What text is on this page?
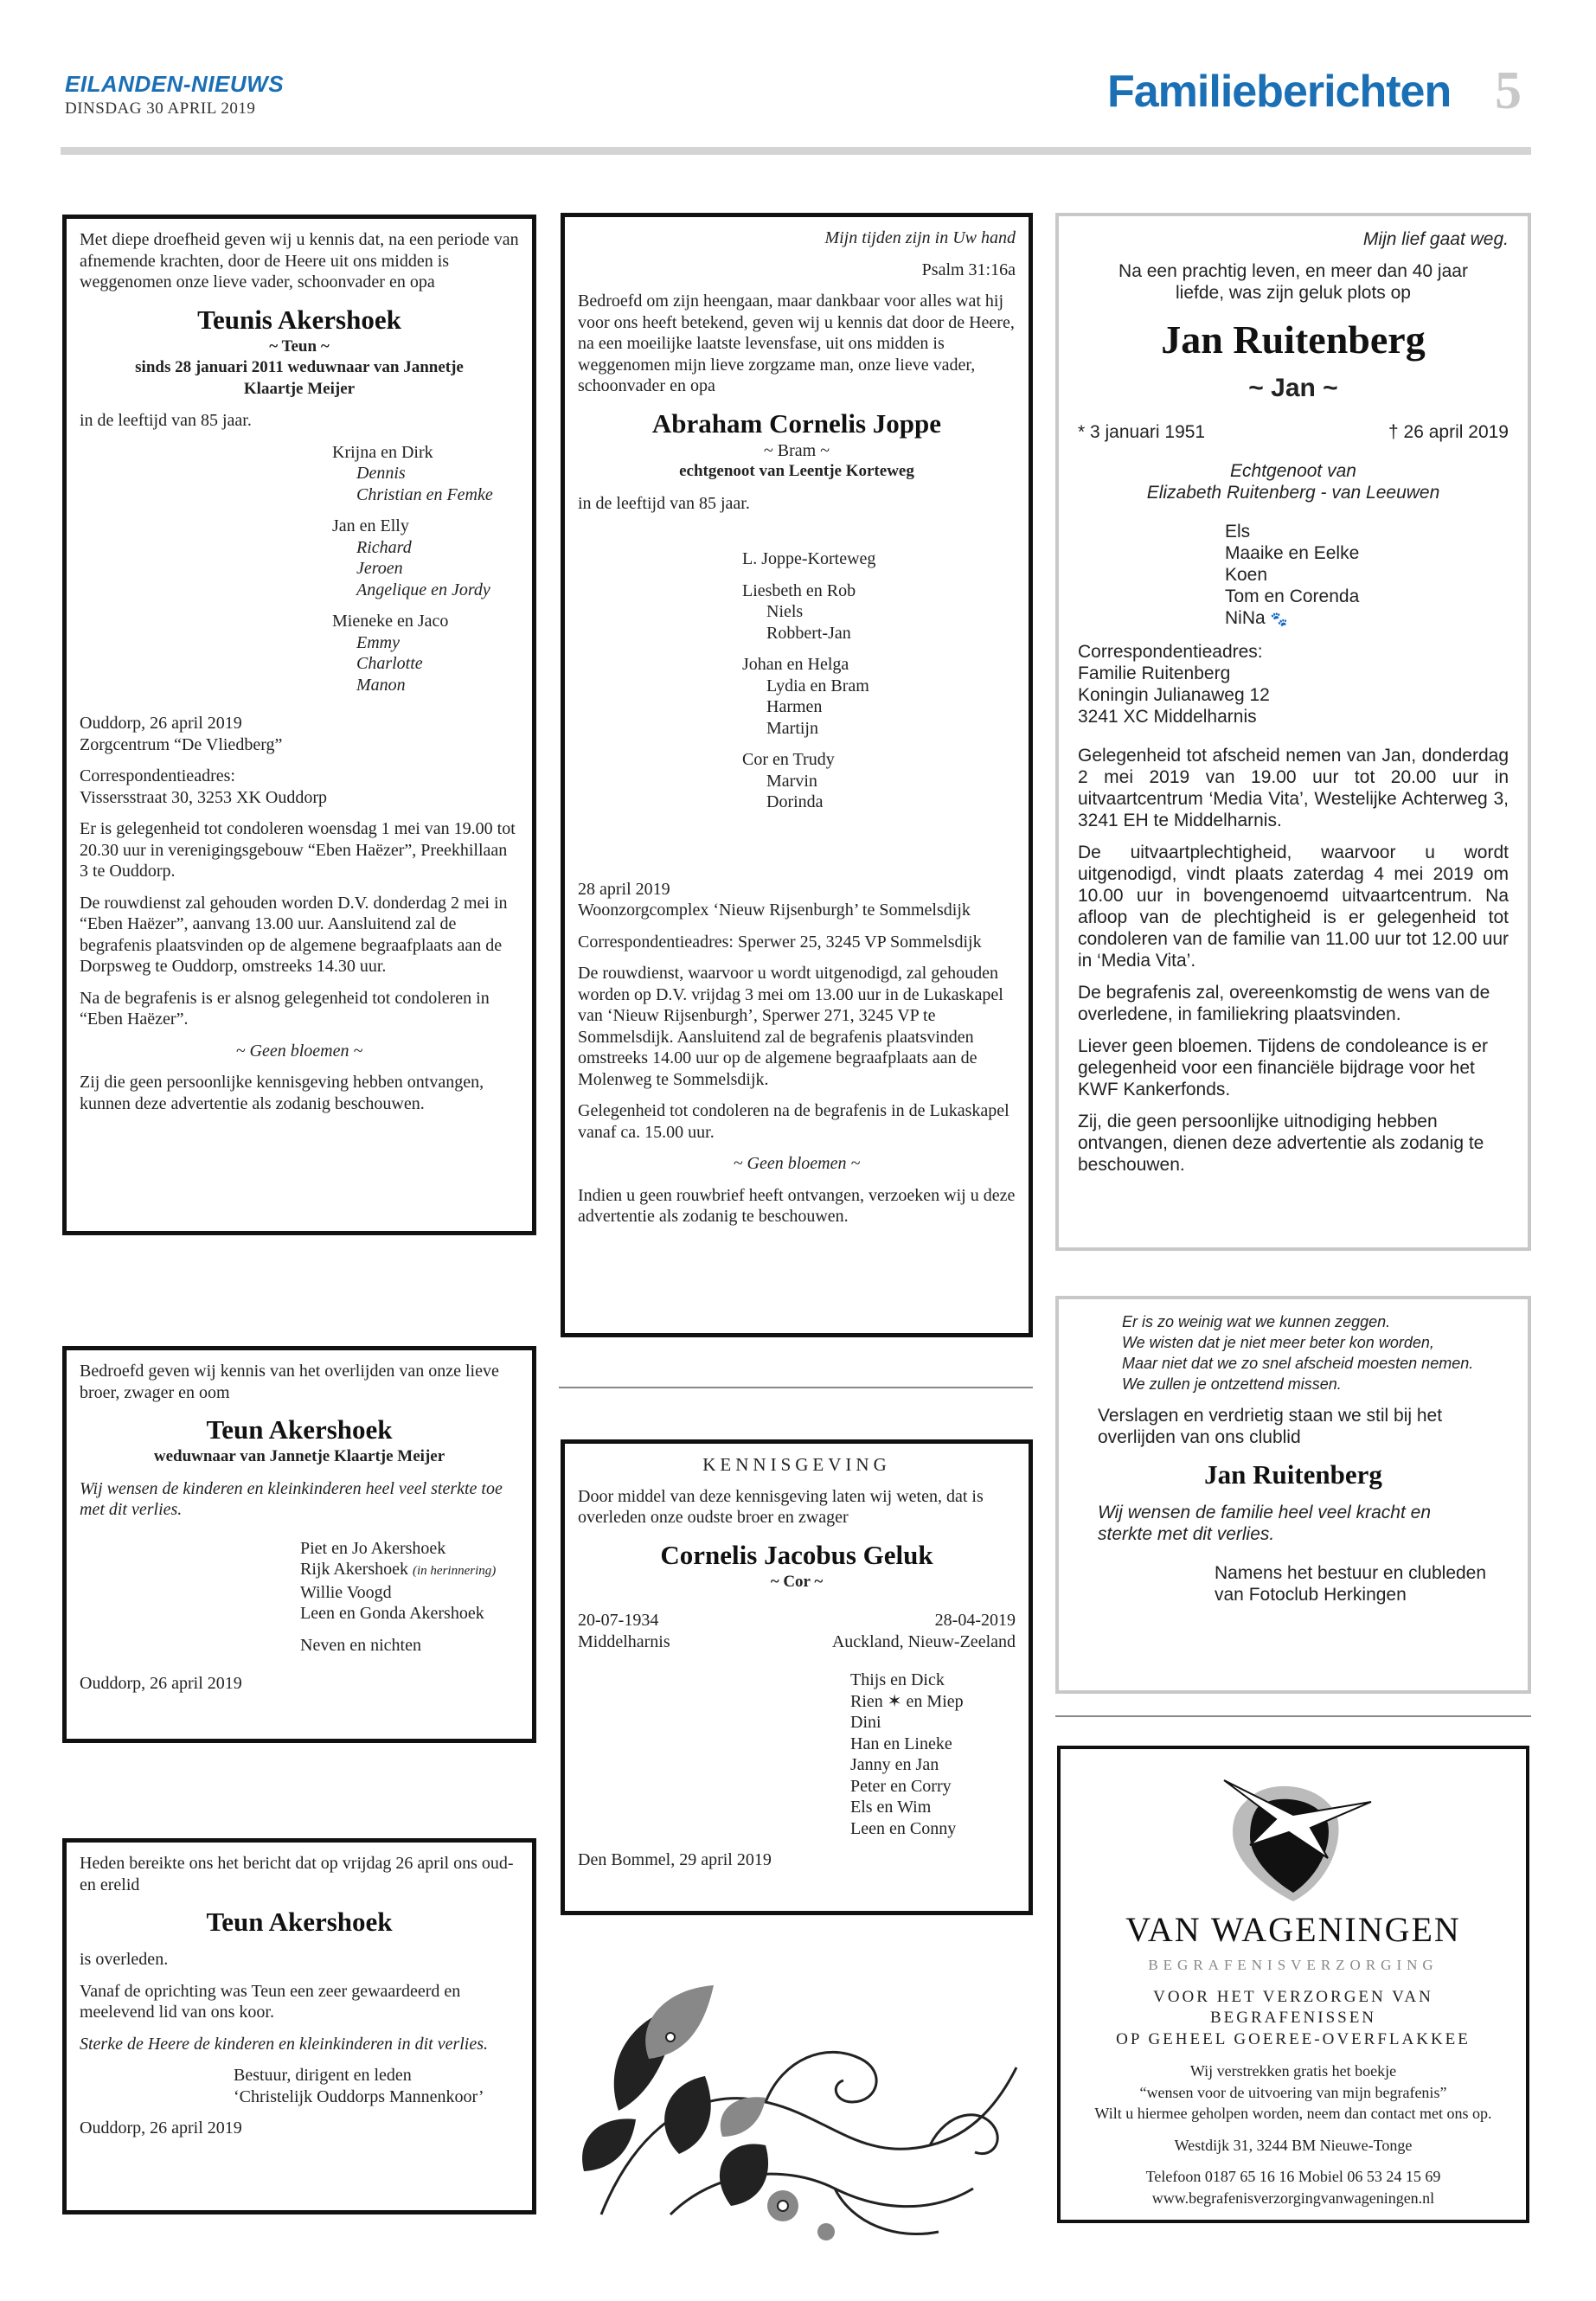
EILANDEN-NIEUWS
DINSDAG 30 APRIL 2019	Familieberichten 5

Met diepe droefheid geven wij u kennis dat, na een periode van afnemende krachten, door de Heere uit ons midden is weggenomen onze lieve vader, schoonvader en opa

Teunis Akershoek

~ Teun ~

sinds 28 januari 2011 weduwnaar van Jannetje Klaartje Meijer

in de leeftijd van 85 jaar.

Krijna en Dirk

Dennis

Christian en Femke

Jan en Elly

Richard

Jeroen

Angelique en Jordy

Mieneke en Jaco

Emmy

Charlotte

Manon

Ouddorp, 26 april 2019

Zorgcentrum “De Vliedberg”

Correspondentieadres:

Vissersstraat 30, 3253 XK Ouddorp

Er is gelegenheid tot condoleren woensdag 1 mei van 19.00 tot 20.30 uur in verenigingsgebouw “Eben Haëzer”, Preekhillaan 3 te Ouddorp.

De rouwdienst zal gehouden worden D.V. donderdag 2 mei in “Eben Haëzer”, aanvang 13.00 uur. Aansluitend zal de begrafenis plaatsvinden op de algemene begraafplaats aan de Dorpsweg te Ouddorp, omstreeks 14.30 uur.

Na de begrafenis is er alsnog gelegenheid tot condoleren in “Eben Haëzer”.

~ Geen bloemen ~

Zij die geen persoonlijke kennisgeving hebben ontvangen, kunnen deze advertentie als zodanig beschouwen.

Mijn tijden zijn in Uw hand

Psalm 31:16a

Bedroefd om zijn heengaan, maar dankbaar voor alles wat hij voor ons heeft betekend, geven wij u kennis dat door de Heere, na een moeilijke laatste levensfase, uit ons midden is weggenomen mijn lieve zorgzame man, onze lieve vader, schoonvader en opa

Abraham Cornelis Joppe

~ Bram ~

echtgenoot van Leentje Korteweg

in de leeftijd van 85 jaar.

L. Joppe-Korteweg

Liesbeth en Rob

Niels

Robbert-Jan

Johan en Helga

Lydia en Bram

Harmen

Martijn

Cor en Trudy

Marvin

Dorinda

28 april 2019

Woonzorgcomplex ‘Nieuw Rijsenburgh’ te Sommelsdijk

Correspondentieadres: Sperwer 25, 3245 VP Sommelsdijk

De rouwdienst, waarvoor u wordt uitgenodigd, zal gehouden worden op D.V. vrijdag 3 mei om 13.00 uur in de Lukaskapel van ‘Nieuw Rijsenburgh’, Sperwer 271, 3245 VP te Sommelsdijk. Aansluitend zal de begrafenis plaatsvinden omstreeks 14.00 uur op de algemene begraafplaats aan de Molenweg te Sommelsdijk.

Gelegenheid tot condoleren na de begrafenis in de Lukaskapel vanaf ca. 15.00 uur.

~ Geen bloemen ~

Indien u geen rouwbrief heeft ontvangen, verzoeken wij u deze advertentie als zodanig te beschouwen.

Mijn lief gaat weg.

Na een prachtig leven, en meer dan 40 jaar liefde, was zijn geluk plots op

Jan Ruitenberg

~ Jan ~

* 3 januari 1951	† 26 april 2019

Echtgenoot van

Elizabeth Ruitenberg - van Leeuwen

Els

Maaike en Eelke

Koen

Tom en Corenda

NiNa 🐾

Correspondentieadres:

Familie Ruitenberg

Koningin Julianaweg 12

3241 XC Middelharnis

Gelegenheid tot afscheid nemen van Jan, donderdag 2 mei 2019 van 19.00 uur tot 20.00 uur in uitvaartcentrum ‘Media Vita’, Westelijke Achterweg 3, 3241 EH te Middelharnis.

De uitvaartplechtigheid, waarvoor u wordt uitgenodigd, vindt plaats zaterdag 4 mei 2019 om 10.00 uur in bovengenoemd uitvaartcentrum. Na afloop van de plechtigheid is er gelegenheid tot condoleren van de familie van 11.00 uur tot 12.00 uur in ‘Media Vita’.

De begrafenis zal, overeenkomstig de wens van de overledene, in familiekring plaatsvinden.

Liever geen bloemen. Tijdens de condoleance is er gelegenheid voor een financiële bijdrage voor het KWF Kankerfonds.

Zij, die geen persoonlijke uitnodiging hebben ontvangen, dienen deze advertentie als zodanig te beschouwen.

Bedroefd geven wij kennis van het overlijden van onze lieve broer, zwager en oom

Teun Akershoek

weduwnaar van Jannetje Klaartje Meijer

Wij wensen de kinderen en kleinkinderen heel veel sterkte toe met dit verlies.

Piet en Jo Akershoek

Rijk Akershoek (in herinnering)

Willie Voogd

Leen en Gonda Akershoek

Neven en nichten

Ouddorp, 26 april 2019

Heden bereikte ons het bericht dat op vrijdag 26 april ons oud- en erelid

Teun Akershoek

is overleden.

Vanaf de oprichting was Teun een zeer gewaardeerd en meelevend lid van ons koor.

Sterke de Heere de kinderen en kleinkinderen in dit verlies.

Bestuur, dirigent en leden

‘Christelijk Ouddorps Mannenkoor’

Ouddorp, 26 april 2019

KENNISGEVING

Door middel van deze kennisgeving laten wij weten, dat is overleden onze oudste broer en zwager

Cornelis Jacobus Geluk

~ Cor ~

20-07-1934	28-04-2019
Middelharnis	Auckland, Nieuw-Zeeland

Thijs en Dick

Rien ✶ en Miep

Dini

Han en Lineke

Janny en Jan

Peter en Corry

Els en Wim

Leen en Conny

Den Bommel, 29 april 2019

Er is zo weinig wat we kunnen zeggen.

We wisten dat je niet meer beter kon worden,

Maar niet dat we zo snel afscheid moesten nemen.

We zullen je ontzettend missen.

Verslagen en verdrietig staan we stil bij het overlijden van ons clublid

Jan Ruitenberg

Wij wensen de familie heel veel kracht en sterkte met dit verlies.

Namens het bestuur en clubleden

van Fotoclub Herkingen

VAN WAGENINGEN

BEGRAFENISVERZORGING

VOOR HET VERZORGEN VAN BEGRAFENISSEN

OP GEHEEL GOEREE-OVERFLAKKEE

Wij verstrekken gratis het boekje

“wensen voor de uitvoering van mijn begrafenis”

Wilt u hiermee geholpen worden, neem dan contact met ons op.

Westdijk 31, 3244 BM Nieuwe-Tonge

Telefoon 0187 65 16 16 Mobiel 06 53 24 15 69

www.begrafenisverzorgingvanwageningen.nl
